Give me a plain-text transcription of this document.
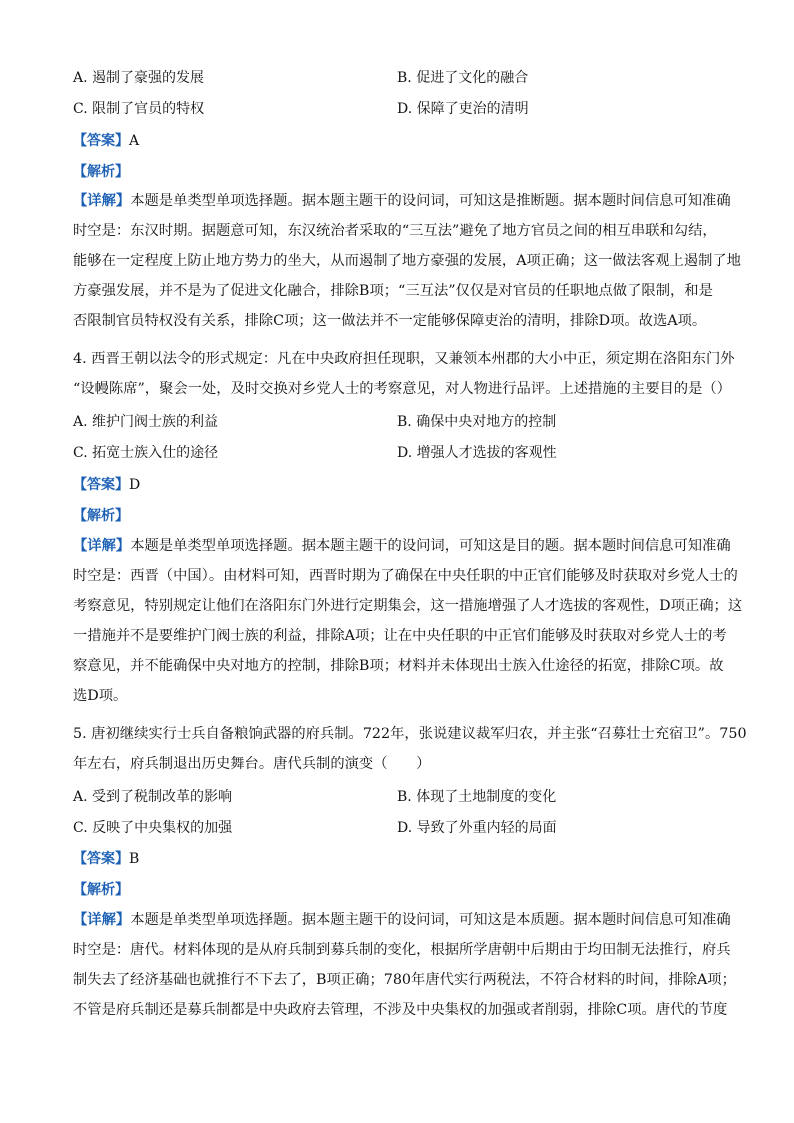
A. 遏制了豪强的发展	B. 促进了文化的融合
C. 限制了官员的特权	D. 保障了吏治的清明
【答案】A
【解析】

【详解】本题是单类型单项选择题。据本题主题干的设问词，可知这是推断题。据本题时间信息可知准确

时空是：东汉时期。据题意可知，东汉统治者采取的“三互法”避免了地方官员之间的相互串联和勾结，

能够在一定程度上防止地方势力的坐大，从而遏制了地方豪强的发展，A项正确；这一做法客观上遏制了地

方豪强发展，并不是为了促进文化融合，排除B项；“三互法”仅仅是对官员的任职地点做了限制，和是

否限制官员特权没有关系，排除C项；这一做法并不一定能够保障吏治的清明，排除D项。故选A项。

4. 西晋王朝以法令的形式规定：凡在中央政府担任现职，又兼领本州郡的大小中正，须定期在洛阳东门外

“设幔陈席”，聚会一处，及时交换对乡党人士的考察意见，对人物进行品评。上述措施的主要目的是（）

A. 维护门阀士族的利益	B. 确保中央对地方的控制
C. 拓宽士族入仕的途径	D. 增强人才选拔的客观性
【答案】D
【解析】

【详解】本题是单类型单项选择题。据本题主题干的设问词，可知这是目的题。据本题时间信息可知准确

时空是：西晋（中国）。由材料可知，西晋时期为了确保在中央任职的中正官们能够及时获取对乡党人士的

考察意见，特别规定让他们在洛阳东门外进行定期集会，这一措施增强了人才选拔的客观性，D项正确；这

一措施并不是要维护门阀士族的利益，排除A项；让在中央任职的中正官们能够及时获取对乡党人士的考

察意见，并不能确保中央对地方的控制，排除B项；材料并未体现出士族入仕途径的拓宽，排除C项。故

选D项。

5. 唐初继续实行士兵自备粮饷武器的府兵制。722年，张说建议裁军归农，并主张“召募壮士充宿卫”。750

年左右，府兵制退出历史舞台。唐代兵制的演变（　　）

A. 受到了税制改革的影响	B. 体现了土地制度的变化
C. 反映了中央集权的加强	D. 导致了外重内轻的局面
【答案】B
【解析】

【详解】本题是单类型单项选择题。据本题主题干的设问词，可知这是本质题。据本题时间信息可知准确

时空是：唐代。材料体现的是从府兵制到募兵制的变化，根据所学唐朝中后期由于均田制无法推行，府兵

制失去了经济基础也就推行不下去了，B项正确；780年唐代实行两税法，不符合材料的时间，排除A项；

不管是府兵制还是募兵制都是中央政府去管理，不涉及中央集权的加强或者削弱，排除C项。唐代的节度
